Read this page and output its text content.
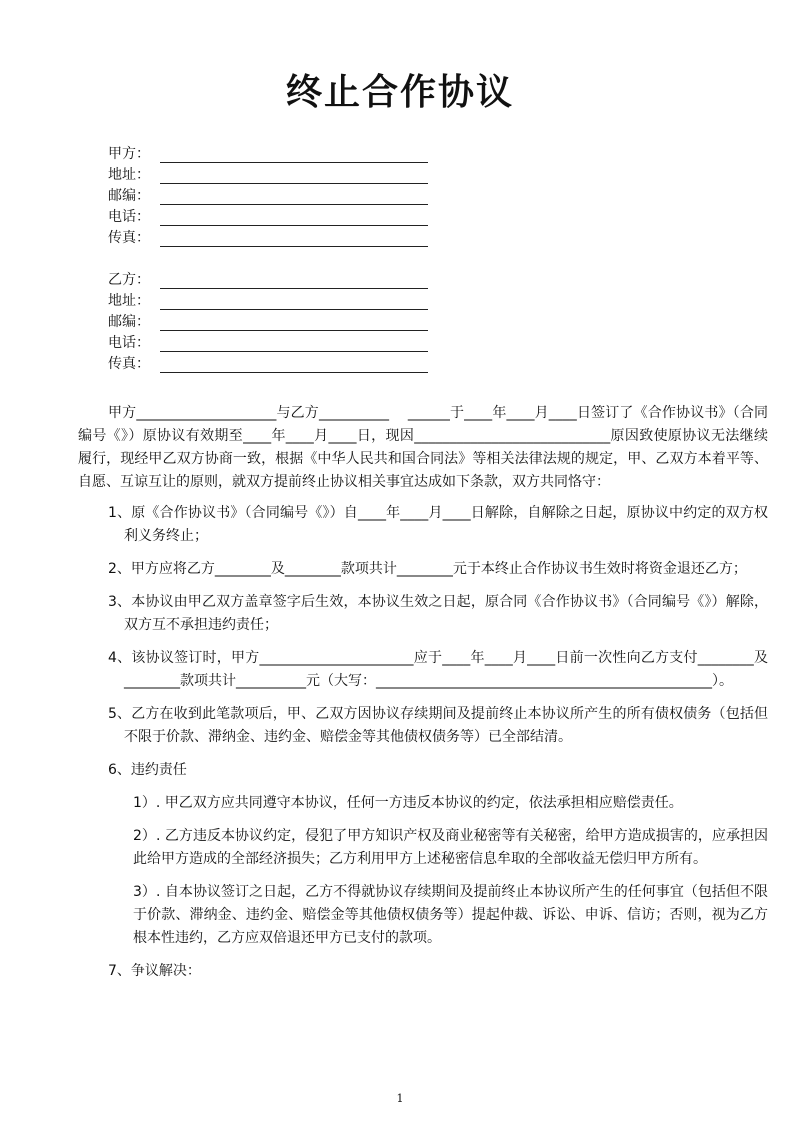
终止合作协议
甲方：
地址：
邮编：
电话：
传真：
乙方：
地址：
邮编：
电话：
传真：

甲方____________________与乙方__________　 ______于____年____月____日签订了《合作协议书》（合同编号《》）原协议有效期至____年____月____日，现因____________________________原因致使原协议无法继续履行，现经甲乙双方协商一致，根据《中华人民共和国合同法》等相关法律法规的规定，甲、乙双方本着平等、自愿、互谅互让的原则，就双方提前终止协议相关事宜达成如下条款，双方共同恪守：

1、原《合作协议书》（合同编号《》）自____年____月____日解除，自解除之日起，原协议中约定的双方权利义务终止；

2、甲方应将乙方________及________款项共计________元于本终止合作协议书生效时将资金退还乙方；

3、本协议由甲乙双方盖章签字后生效，本协议生效之日起，原合同《合作协议书》（合同编号《》）解除，双方互不承担违约责任；

4、该协议签订时，甲方______________________应于____年____月____日前一次性向乙方支付________及________款项共计__________元（大写：________________________________________________）。

5、乙方在收到此笔款项后，甲、乙双方因协议存续期间及提前终止本协议所产生的所有债权债务（包括但不限于价款、滞纳金、违约金、赔偿金等其他债权债务等）已全部结清。

6、违约责任

1）. 甲乙双方应共同遵守本协议，任何一方违反本协议的约定，依法承担相应赔偿责任。

2）. 乙方违反本协议约定，侵犯了甲方知识产权及商业秘密等有关秘密，给甲方造成损害的，应承担因此给甲方造成的全部经济损失；乙方利用甲方上述秘密信息牟取的全部收益无偿归甲方所有。

3）. 自本协议签订之日起，乙方不得就协议存续期间及提前终止本协议所产生的任何事宜（包括但不限于价款、滞纳金、违约金、赔偿金等其他债权债务等）提起仲裁、诉讼、申诉、信访；否则，视为乙方根本性违约，乙方应双倍退还甲方已支付的款项。

7、争议解决：

1
